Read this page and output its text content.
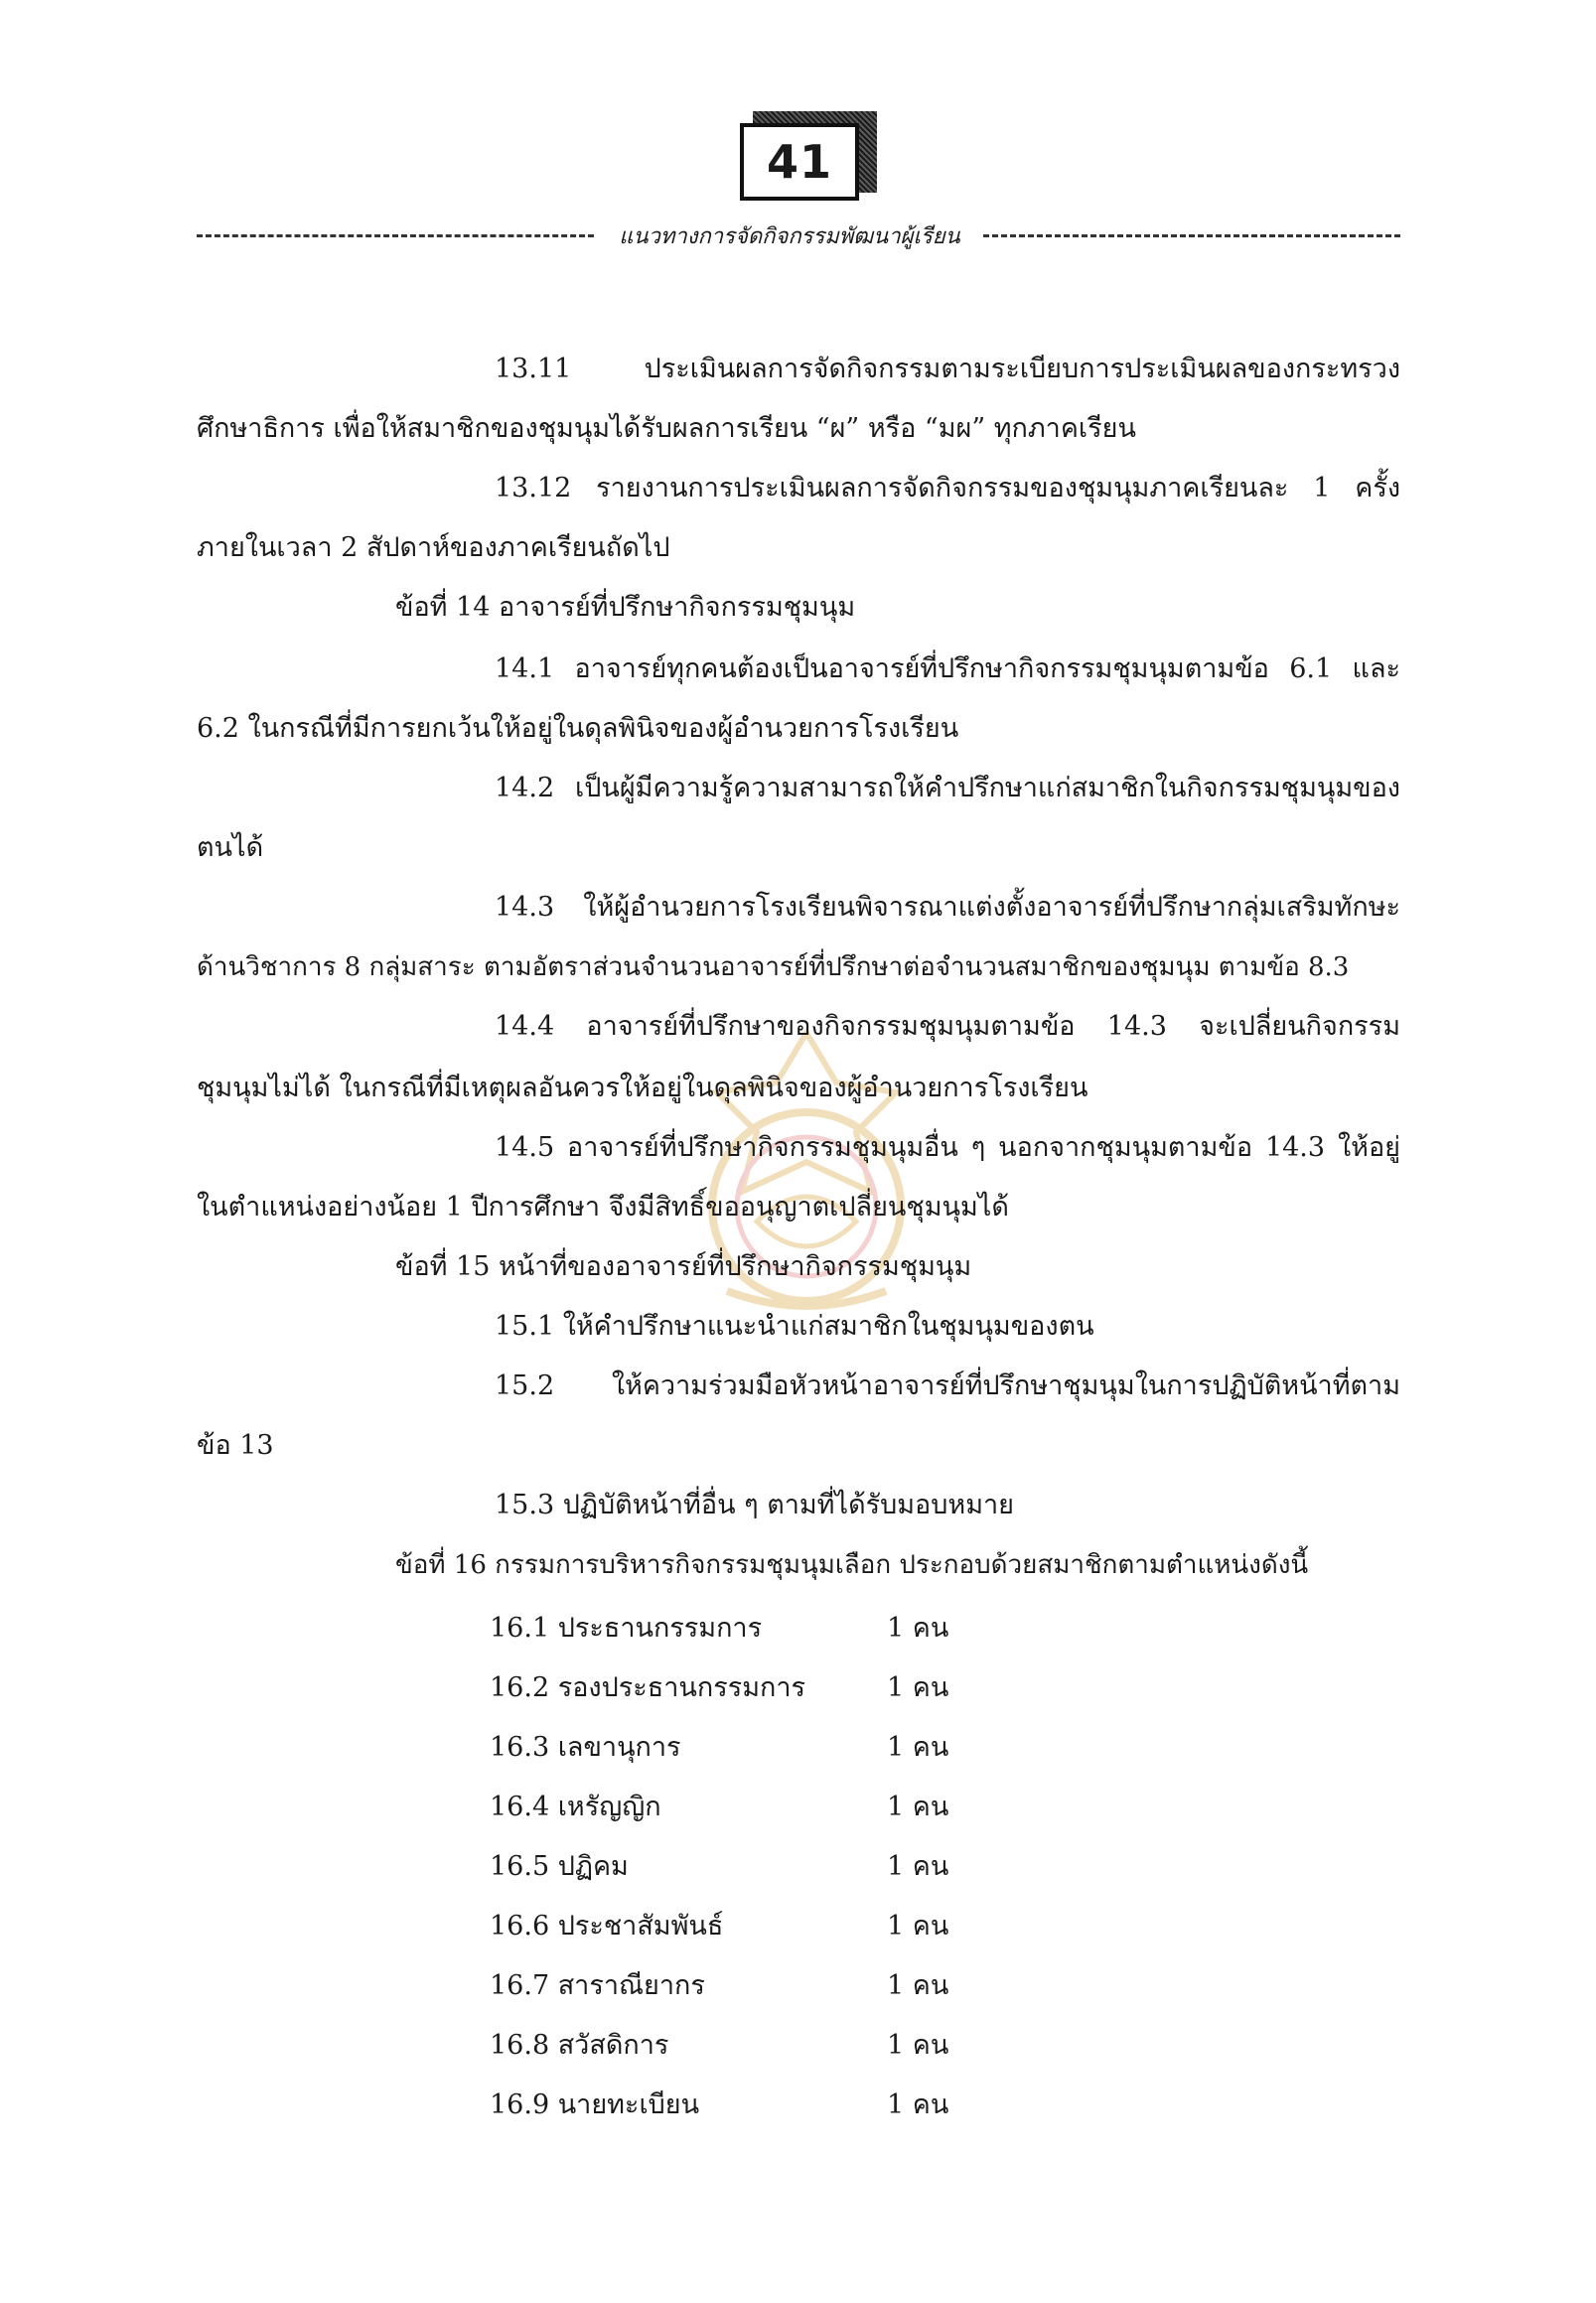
41
แนวทางการจัดกิจกรรมพัฒนาผู้เรียน
13.11 ประเมินผลการจัดกิจกรรมตามระเบียบการประเมินผลของกระทรวง
ศึกษาธิการ เพื่อให้สมาชิกของชุมนุมได้รับผลการเรียน “ผ” หรือ “มผ” ทุกภาคเรียน
13.12 รายงานการประเมินผลการจัดกิจกรรมของชุมนุมภาคเรียนละ 1 ครั้ง
ภายในเวลา 2 สัปดาห์ของภาคเรียนถัดไป
ข้อที่ 14 อาจารย์ที่ปรึกษากิจกรรมชุมนุม
14.1 อาจารย์ทุกคนต้องเป็นอาจารย์ที่ปรึกษากิจกรรมชุมนุมตามข้อ 6.1 และ
6.2 ในกรณีที่มีการยกเว้นให้อยู่ในดุลพินิจของผู้อำนวยการโรงเรียน
14.2 เป็นผู้มีความรู้ความสามารถให้คำปรึกษาแก่สมาชิกในกิจกรรมชุมนุมของ
ตนได้
14.3 ให้ผู้อำนวยการโรงเรียนพิจารณาแต่งตั้งอาจารย์ที่ปรึกษากลุ่มเสริมทักษะ
ด้านวิชาการ 8 กลุ่มสาระ ตามอัตราส่วนจำนวนอาจารย์ที่ปรึกษาต่อจำนวนสมาชิกของชุมนุม ตามข้อ 8.3
14.4 อาจารย์ที่ปรึกษาของกิจกรรมชุมนุมตามข้อ 14.3 จะเปลี่ยนกิจกรรม
ชุมนุมไม่ได้ ในกรณีที่มีเหตุผลอันควรให้อยู่ในดุลพินิจของผู้อำนวยการโรงเรียน
14.5 อาจารย์ที่ปรึกษากิจกรรมชุมนุมอื่น ๆ นอกจากชุมนุมตามข้อ 14.3 ให้อยู่
ในตำแหน่งอย่างน้อย 1 ปีการศึกษา จึงมีสิทธิ์ขออนุญาตเปลี่ยนชุมนุมได้
ข้อที่ 15 หน้าที่ของอาจารย์ที่ปรึกษากิจกรรมชุมนุม
15.1 ให้คำปรึกษาแนะนำแก่สมาชิกในชุมนุมของตน
15.2 ให้ความร่วมมือหัวหน้าอาจารย์ที่ปรึกษาชุมนุมในการปฏิบัติหน้าที่ตาม
ข้อ 13
15.3 ปฏิบัติหน้าที่อื่น ๆ ตามที่ได้รับมอบหมาย
ข้อที่ 16 กรรมการบริหารกิจกรรมชุมนุมเลือก ประกอบด้วยสมาชิกตามตำแหน่งดังนี้
16.1 ประธานกรรมการ	1 คน
16.2 รองประธานกรรมการ	1 คน
16.3 เลขานุการ	1 คน
16.4 เหรัญญิก	1 คน
16.5 ปฏิคม	1 คน
16.6 ประชาสัมพันธ์	1 คน
16.7 สาราณียากร	1 คน
16.8 สวัสดิการ	1 คน
16.9 นายทะเบียน	1 คน
